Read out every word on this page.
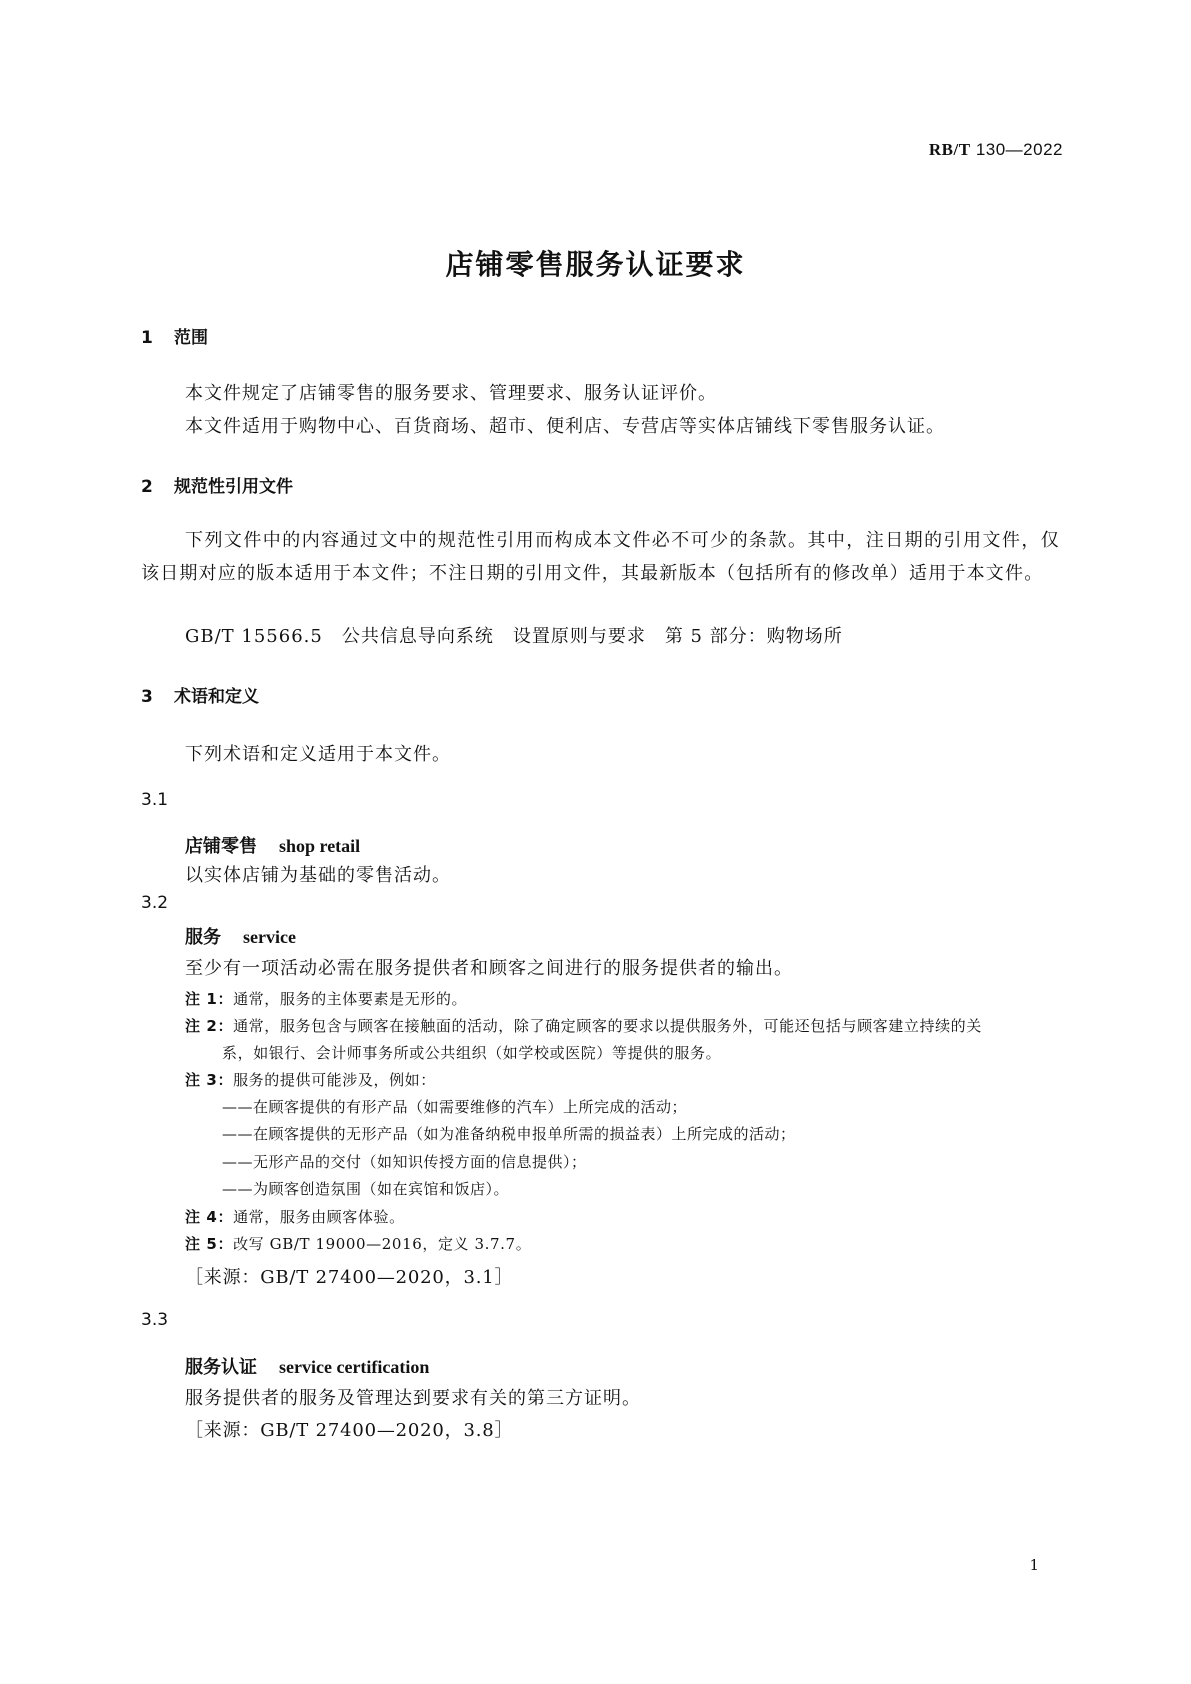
RB/T 130—2022
店铺零售服务认证要求
1 范围
本文件规定了店铺零售的服务要求、管理要求、服务认证评价。
本文件适用于购物中心、百货商场、超市、便利店、专营店等实体店铺线下零售服务认证。
2 规范性引用文件
下列文件中的内容通过文中的规范性引用而构成本文件必不可少的条款。其中，注日期的引用文件，仅该日期对应的版本适用于本文件；不注日期的引用文件，其最新版本（包括所有的修改单）适用于本文件。
GB/T 15566.5　公共信息导向系统　设置原则与要求　第 5 部分：购物场所
3 术语和定义
下列术语和定义适用于本文件。
3.1
店铺零售 shop retail
以实体店铺为基础的零售活动。
3.2
服务 service
至少有一项活动必需在服务提供者和顾客之间进行的服务提供者的输出。
注 1：通常，服务的主体要素是无形的。
注 2：通常，服务包含与顾客在接触面的活动，除了确定顾客的要求以提供服务外，可能还包括与顾客建立持续的关
系，如银行、会计师事务所或公共组织（如学校或医院）等提供的服务。
注 3：服务的提供可能涉及，例如：
——在顾客提供的有形产品（如需要维修的汽车）上所完成的活动；
——在顾客提供的无形产品（如为准备纳税申报单所需的损益表）上所完成的活动；
——无形产品的交付（如知识传授方面的信息提供）；
——为顾客创造氛围（如在宾馆和饭店）。
注 4：通常，服务由顾客体验。
注 5：改写 GB/T 19000—2016，定义 3.7.7。
［来源：GB/T 27400—2020，3.1］
3.3
服务认证 service certification
服务提供者的服务及管理达到要求有关的第三方证明。
［来源：GB/T 27400—2020，3.8］
1
